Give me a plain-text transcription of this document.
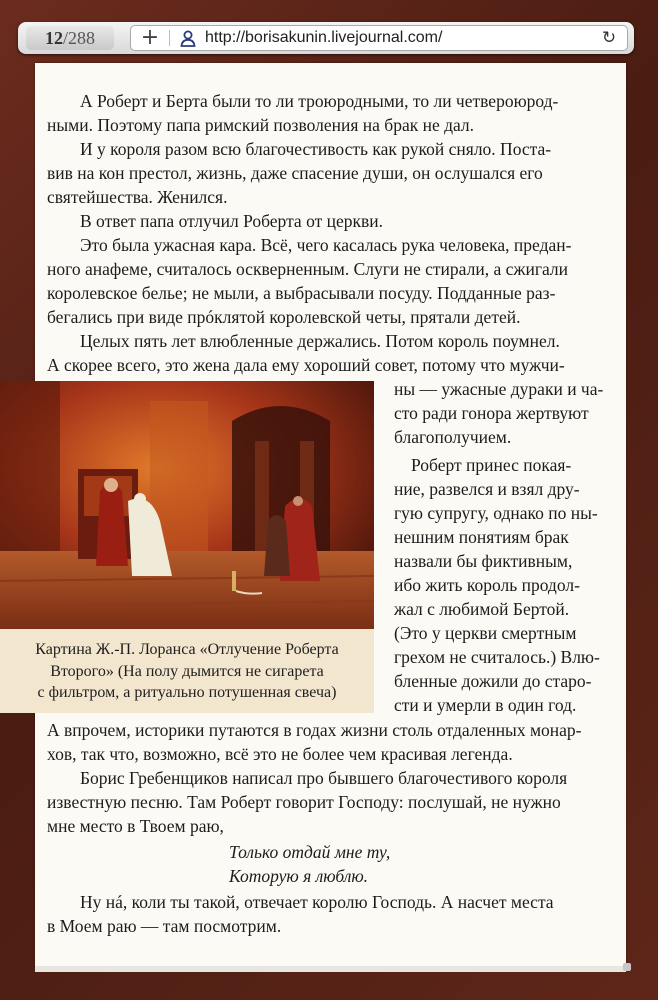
12/288	+	http://borisakunin.livejournal.com/	↻
А Роберт и Берта были то ли троюродными, то ли четвероюрод-
ными. Поэтому папа римский позволения на брак не дал.
И у короля разом всю благочестивость как рукой сняло. Поста-
вив на кон престол, жизнь, даже спасение души, он ослушался его
святейшества. Женился.
В ответ папа отлучил Роберта от церкви.
Это была ужасная кара. Всё, чего касалась рука человека, предан-
ного анафеме, считалось оскверненным. Слуги не стирали, а сжигали
королевское белье; не мыли, а выбрасывали посуду. Подданные раз-
бегались при виде прóклятой королевской четы, прятали детей.
Целых пять лет влюбленные держались. Потом король поумнел.
А скорее всего, это жена дала ему хороший совет, потому что мужчи-
ны — ужасные дураки и ча-
сто ради гонора жертвуют
благополучием.
Роберт принес покая-
ние, развелся и взял дру-
гую супругу, однако по ны-
нешним понятиям брак
назвали бы фиктивным,
ибо жить король продол-
жал с любимой Бертой.
(Это у церкви смертным
грехом не считалось.) Влю-
бленные дожили до старо-
сти и умерли в один год.
А впрочем, историки путаются в годах жизни столь отдаленных монар-
хов, так что, возможно, всё это не более чем красивая легенда.
Борис Гребенщиков написал про бывшего благочестивого короля
известную песню. Там Роберт говорит Господу: послушай, не нужно
мне место в Твоем раю,
Только отдай мне ту,
Которую я люблю.
Ну нá, коли ты такой, отвечает королю Господь. А насчет места
в Моем раю — там посмотрим.
Картина Ж.-П. Лоранса «Отлучение Роберта
Второго» (На полу дымится не сигарета
с фильтром, а ритуально потушенная свеча)
